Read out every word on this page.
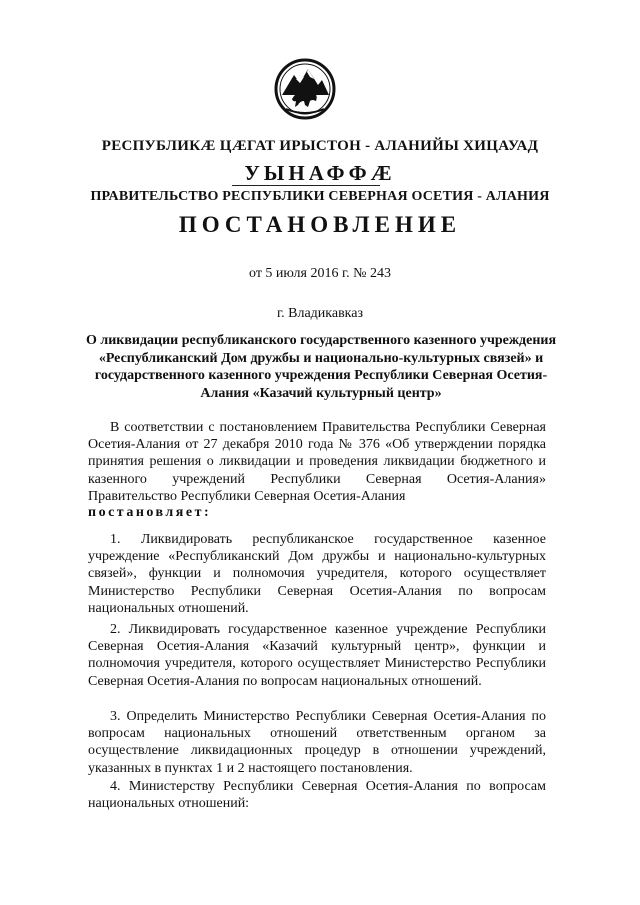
РЕСПУБЛИКÆ ЦÆГАТ ИРЫСТОН - АЛАНИЙЫ ХИЦАУАД
УЫНАФФÆ
ПРАВИТЕЛЬСТВО РЕСПУБЛИКИ СЕВЕРНАЯ ОСЕТИЯ - АЛАНИЯ
ПОСТАНОВЛЕНИЕ
от 5 июля 2016 г. № 243
г. Владикавказ
О ликвидации республиканского государственного казенного учреждения «Республиканский Дом дружбы и национально-культурных связей» и государственного казенного учреждения Республики Северная Осетия-Алания «Казачий культурный центр»
В соответствии с постановлением Правительства Республики Северная Осетия-Алания от 27 декабря 2010 года № 376 «Об утверждении порядка принятия решения о ликвидации и проведения ликвидации бюджетного и казенного учреждений Республики Северная Осетия-Алания» Правительство Республики Северная Осетия-Алания
постановляет:
1. Ликвидировать республиканское государственное казенное учреждение «Республиканский Дом дружбы и национально-культурных связей», функции и полномочия учредителя, которого осуществляет Министерство Республики Северная Осетия-Алания по вопросам национальных отношений.
2. Ликвидировать государственное казенное учреждение Республики Северная Осетия-Алания «Казачий культурный центр», функции и полномочия учредителя, которого осуществляет Министерство Республики Северная Осетия-Алания по вопросам национальных отношений.
3. Определить Министерство Республики Северная Осетия-Алания по вопросам национальных отношений ответственным органом за осуществление ликвидационных процедур в отношении учреждений, указанных в пунктах 1 и 2 настоящего постановления.
4. Министерству Республики Северная Осетия-Алания по вопросам национальных отношений:
